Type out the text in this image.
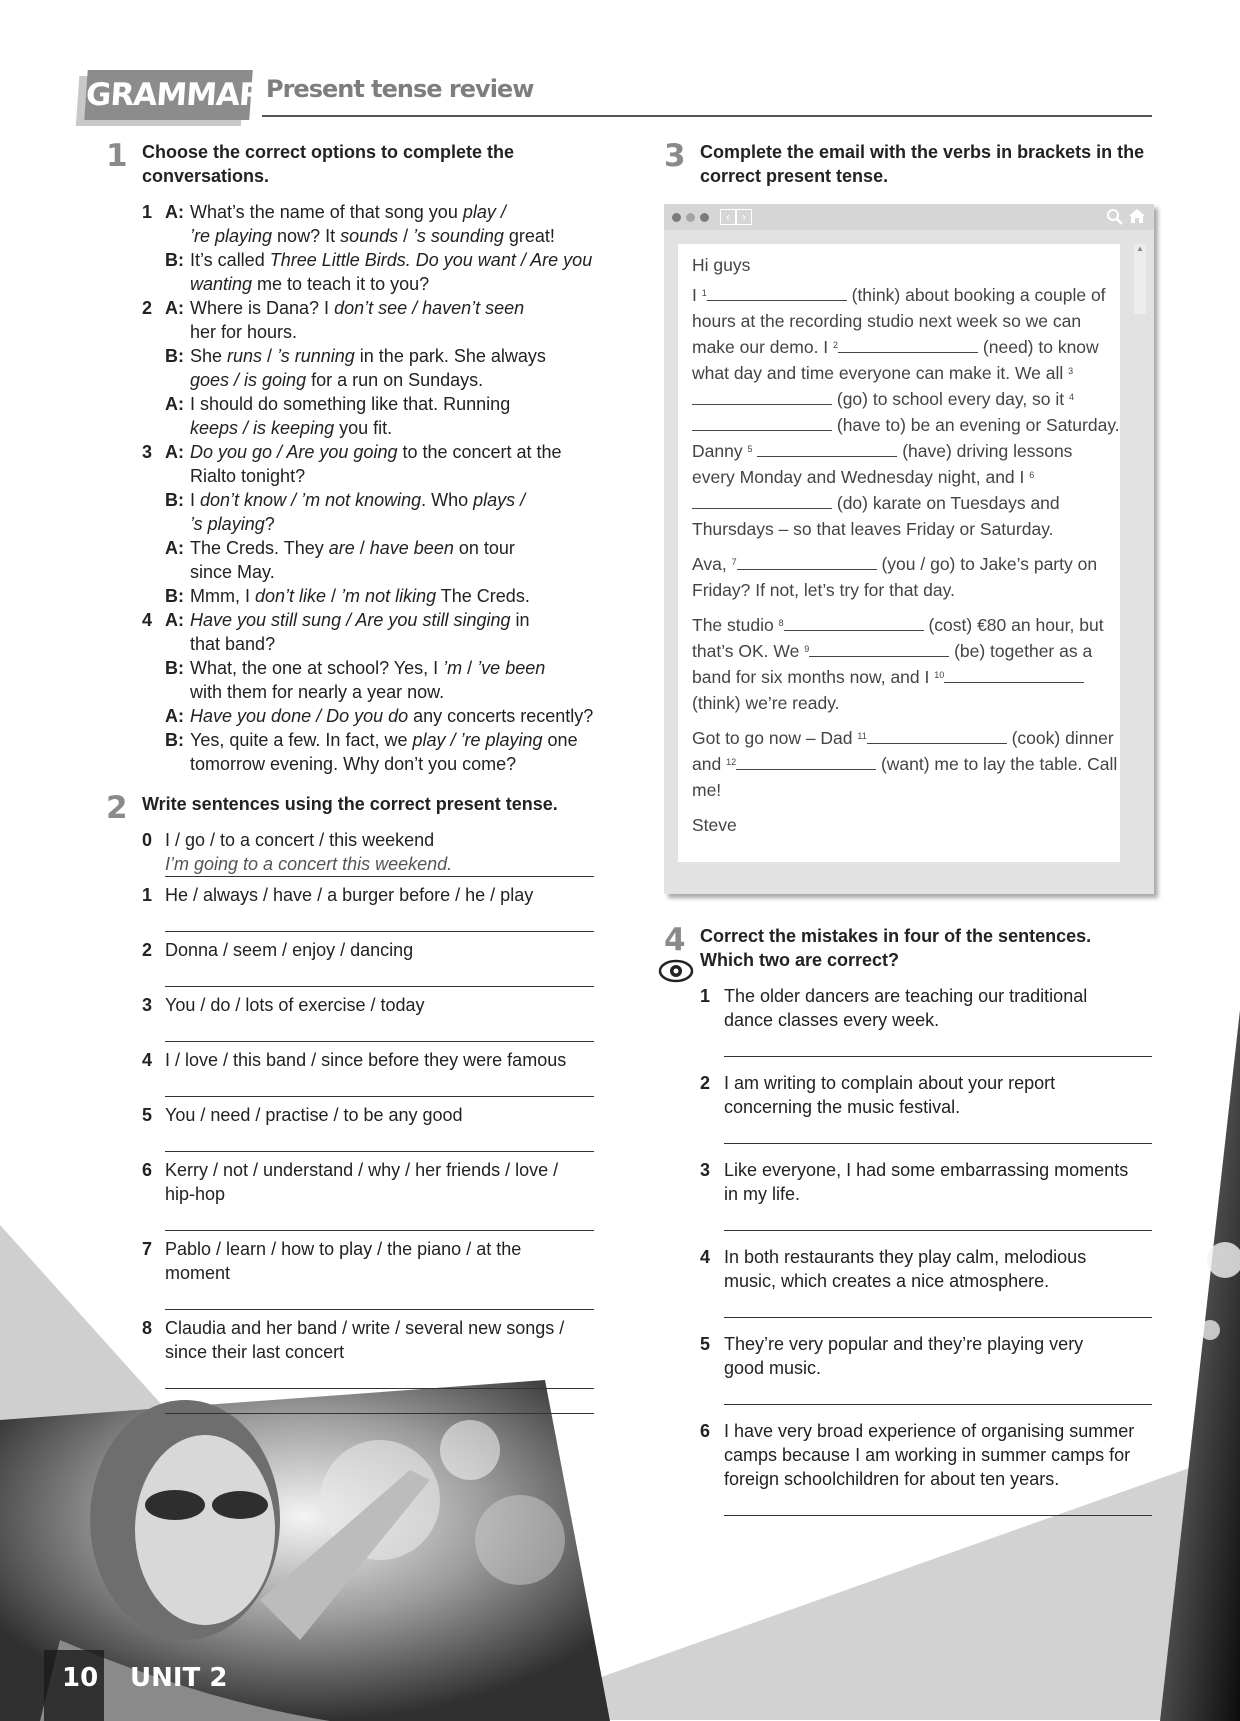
GRAMMAR Present tense review
1 Choose the correct options to complete the conversations.
1 A: What’s the name of that song you play /
’re playing now? It sounds / ’s sounding great!
B: It’s called Three Little Birds. Do you want / Are you
wanting me to teach it to you?
2 A: Where is Dana? I don’t see / haven’t seen
her for hours.
B: She runs / ’s running in the park. She always
goes / is going for a run on Sundays.
A: I should do something like that. Running
keeps / is keeping you fit.
3 A: Do you go / Are you going to the concert at the
Rialto tonight?
B: I don’t know / ’m not knowing. Who plays /
’s playing?
A: The Creds. They are / have been on tour
since May.
B: Mmm, I don’t like / ’m not liking The Creds.
4 A: Have you still sung / Are you still singing in
that band?
B: What, the one at school? Yes, I ’m / ’ve been
with them for nearly a year now.
A: Have you done / Do you do any concerts recently?
B: Yes, quite a few. In fact, we play / ’re playing one
tomorrow evening. Why don’t you come?
2 Write sentences using the correct present tense.
0 I / go / to a concert / this weekend
I’m going to a concert this weekend.
1 He / always / have / a burger before / he / play
2 Donna / seem / enjoy / dancing
3 You / do / lots of exercise / today
4 I / love / this band / since before they were famous
5 You / need / practise / to be any good
6 Kerry / not / understand / why / her friends / love /
hip-hop
7 Pablo / learn / how to play / the piano / at the
moment
8 Claudia and her band / write / several new songs /
since their last concert
3 Complete the email with the verbs in brackets in the correct present tense.
‹	›

Hi guys

I $^1$	(think) about booking a couple of hours at the recording studio next week so we can make our demo. I $^2$	(need) to know what day and time everyone can make it. We all $^3$ (go) to school every day, so it $^4$ (have to) be an evening or Saturday. Danny $^5$	(have) driving lessons every Monday and Wednesday night, and I $^6$ (do) karate on Tuesdays and Thursdays – so that leaves Friday or Saturday.

Ava, $^7$	(you / go) to Jake’s party on Friday? If not, let’s try for that day.

The studio $^8$	(cost) €80 an hour, but that’s OK. We $^9$	(be) together as a band for six months now, and I $^{10}$ (think) we’re ready.

Got to go now – Dad $^{11}$	(cook) dinner and $^{12}$	(want) me to lay the table. Call me!

Steve

▲
4 Correct the mistakes in four of the sentences. Which two are correct?
1 The older dancers are teaching our traditional
dance classes every week.
2 I am writing to complain about your report
concerning the music festival.
3 Like everyone, I had some embarrassing moments
in my life.
4 In both restaurants they play calm, melodious
music, which creates a nice atmosphere.
5 They’re very popular and they’re playing very
good music.
6 I have very broad experience of organising summer
camps because I am working in summer camps for
foreign schoolchildren for about ten years.
10 UNIT 2
